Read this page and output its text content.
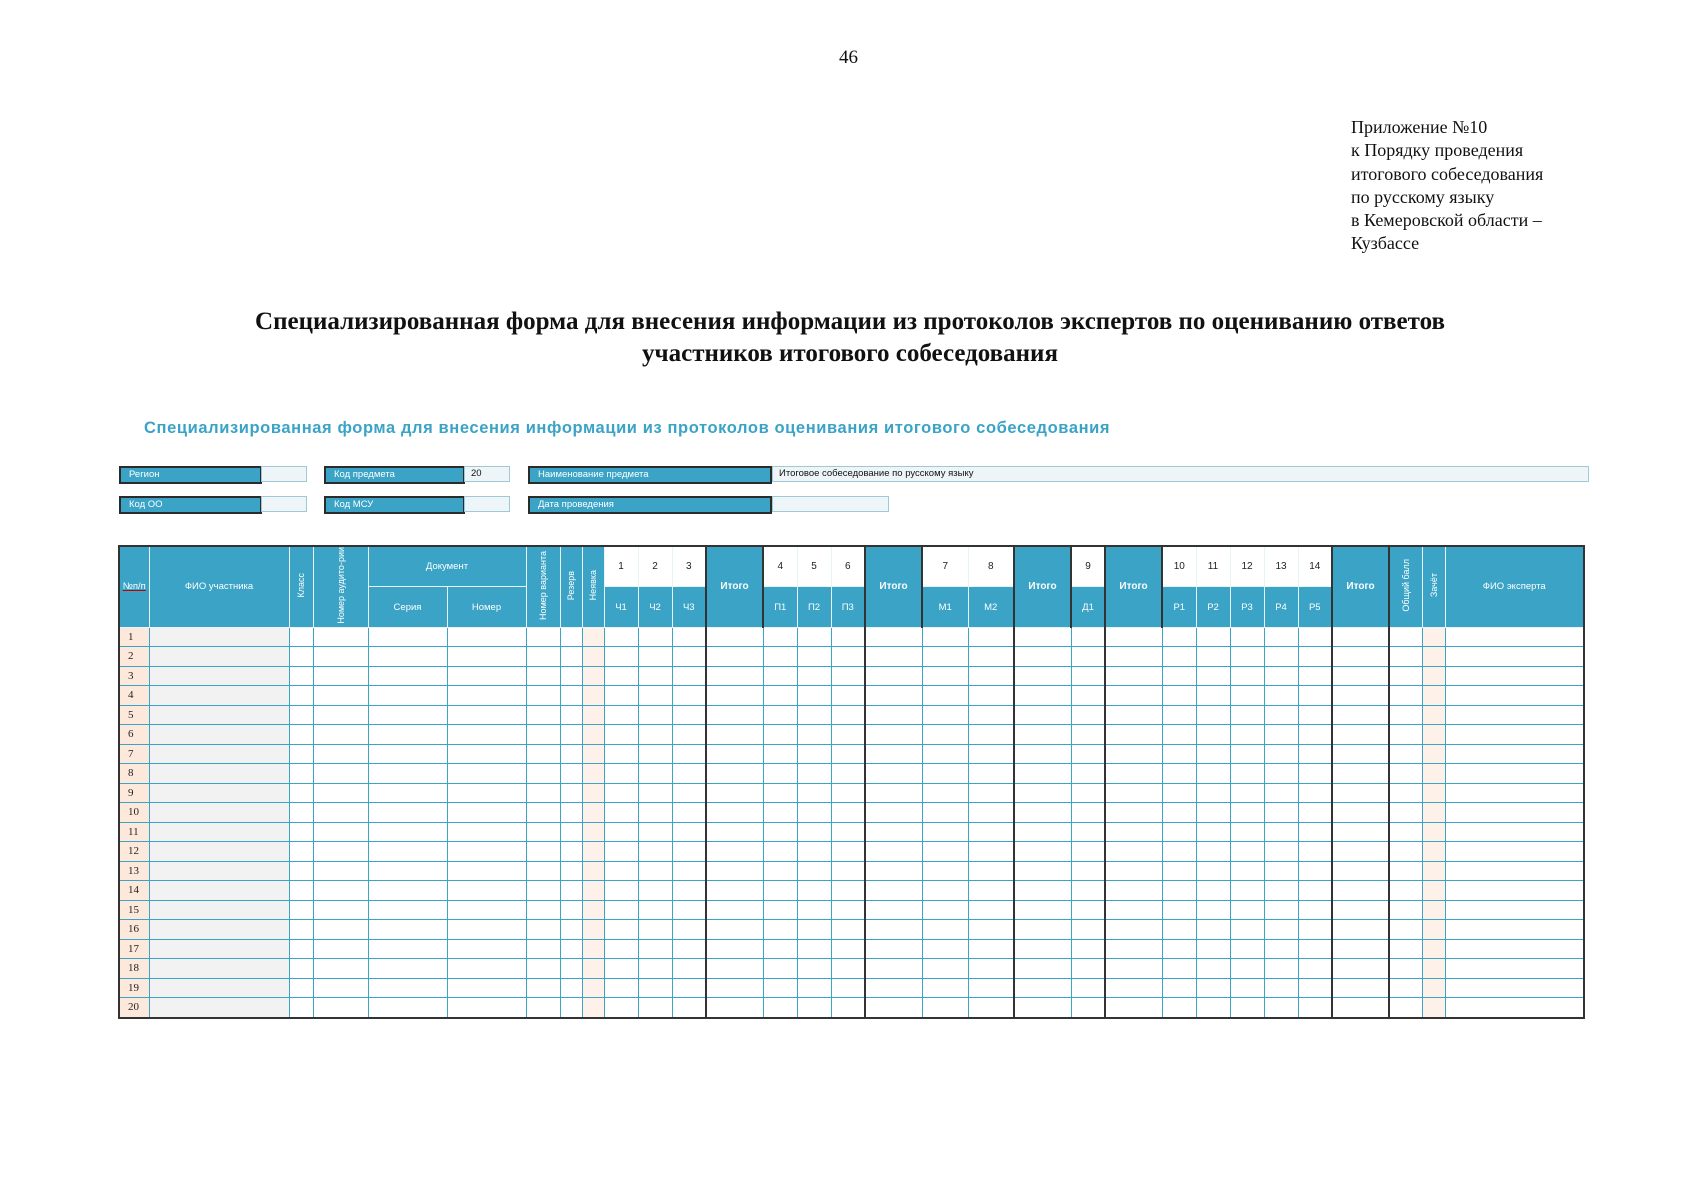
46
Приложение №10
к Порядку проведения
итогового собеседования
по русскому языку
в Кемеровской области –
Кузбассе
Специализированная форма для внесения информации из протоколов экспертов по оцениванию ответов
участников итогового собеседования
Специализированная форма для внесения информации из протоколов оценивания итогового собеседования
Регион	Код предмета	20	Наименование предмета	Итоговое собеседование по русскому языку
Код ОО	Код МСУ	Дата проведения
№п/п	ФИО участника	Класс	Номер аудито-рии	Документ		Номер варианта	Резерв	Неявка	1	2	3	Итого	4	5	6	Итого	7	8	Итого	9	Итого	10	11	12	13	14	Итого	Общий балл	Зачёт	ФИО эксперта
				Серия	Номер				Ч1	Ч2	Ч3		П1	П2	П3		М1	М2		Д1		Р1	Р2	Р3	Р4	Р5				
1																														
2																														
3																														
4																														
5																														
6																														
7																														
8																														
9																														
10																														
11																														
12																														
13																														
14																														
15																														
16																														
17																														
18																														
19																														
20																														
